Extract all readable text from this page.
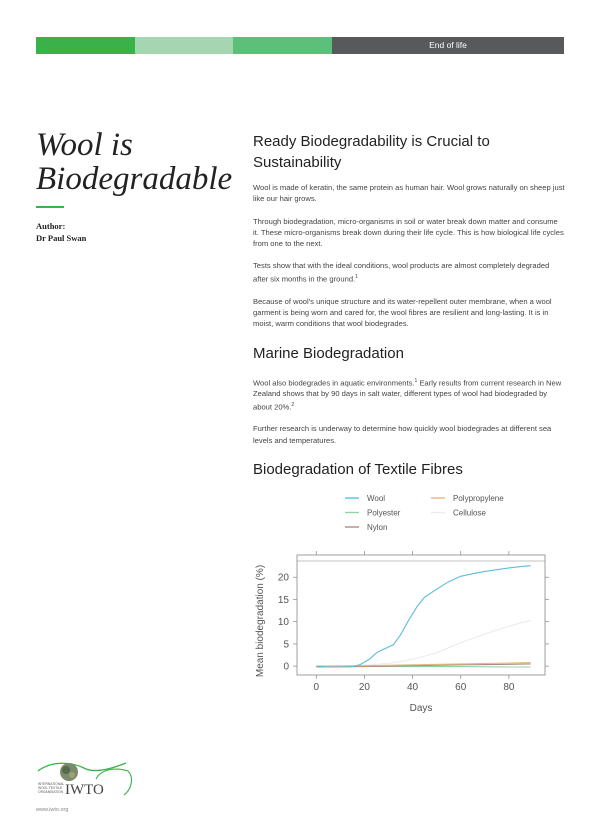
End of life
Wool is Biodegradable
Author:
Dr Paul Swan
Ready Biodegradability is Crucial to Sustainability

Wool is made of keratin, the same protein as human hair. Wool grows naturally on sheep just like our hair grows.

Through biodegradation, micro-organisms in soil or water break down matter and consume it. These micro-organisms break down during their life cycle. This is how biological life cycles from one to the next.

Tests show that with the ideal conditions, wool products are almost completely degraded after six months in the ground.$^1$

Because of wool's unique structure and its water-repellent outer membrane, when a wool garment is being worn and cared for, the wool fibres are resilient and long-lasting. It is in moist, warm conditions that wool biodegrades.

Marine Biodegradation

Wool also biodegrades in aquatic environments.$^1$ Early results from current research in New Zealand shows that by 90 days in salt water, different types of wool had biodegraded by about 20%.$^2$

Further research is underway to determine how quickly wool biodegrades at different sea levels and temperatures.

Biodegradation of Textile Fibres
Wool	Polypropylene
Polyester	Cellulose
Nylon
0	20	40	60	80
0
5
10
15
20
Days
Mean biodegradation (%)
INTERNATIONAL
WOOL TEXTILE
ORGANISATION IWTO
www.iwto.org
